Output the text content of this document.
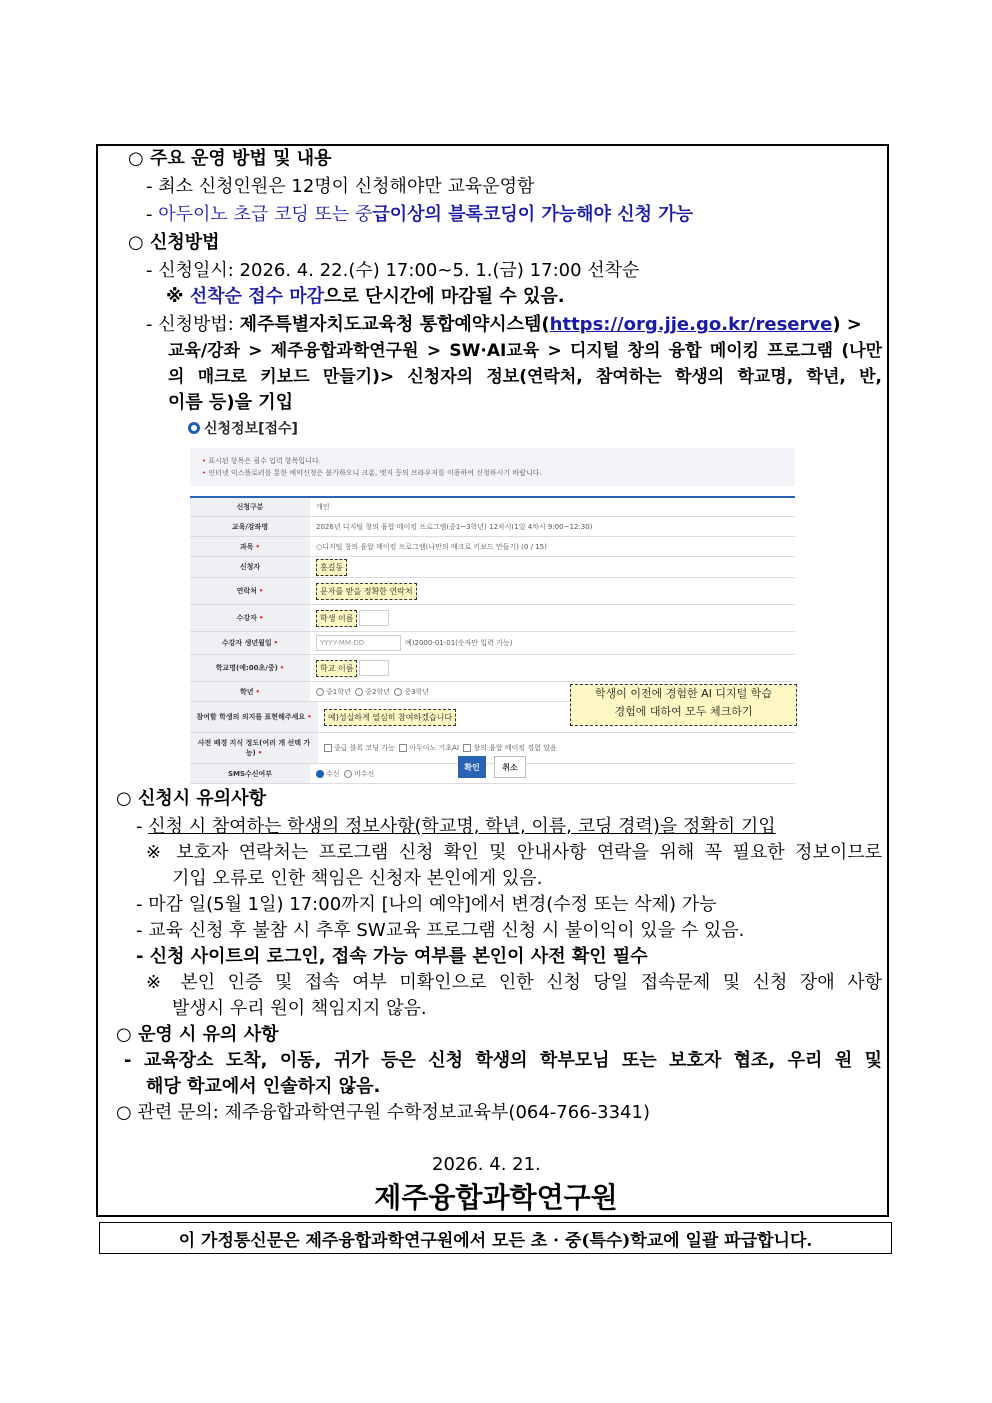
○ 주요 운영 방법 및 내용
- 최소 신청인원은 12명이 신청해야만 교육운영함
- 아두이노 초급 코딩 또는 중급이상의 블록코딩이 가능해야 신청 가능
○ 신청방법
- 신청일시: 2026. 4. 22.(수) 17:00~5. 1.(금) 17:00 선착순
※ 선착순 접수 마감으로 단시간에 마감될 수 있음.
- 신청방법: 제주특별자치도교육청 통합예약시스템(https://org.jje.go.kr/reserve) >
교육/강좌 > 제주융합과학연구원 > SW·AI교육 > 디지털 창의 융합 메이킹 프로그램 (나만
의 매크로 키보드 만들기)> 신청자의 정보(연락처, 참여하는 학생의 학교명, 학년, 반,
이름 등)을 기입
신청정보[접수]
• 표시된 항목은 필수 입력 항목입니다.
• 인터넷 익스플로러를 통한 예약신청은 불가하오니 크롬, 엣지 등의 브라우저를 이용하여 신청하시기 바랍니다.
신청구분	개인
교육/강좌명	2026년 디지털 창의 융합 메이킹 프로그램(중1~3학년) 12차시(1일 4차시 9:00~12:30)
과목 •	○디지털 창의 융합 메이킹 프로그램(나만의 매크로 키보드 만들기) (0 / 15)
신청자	홍길동
연락처 •	문자를 받을 정확한 연락처
수강자 •	학생 이름
수강자 생년월일 •	YYYY-MM-DD	예)2000-01-01(숫자만 입력 가능)
학교명(예:00초/중) •	학교 이름
학년 •	중1학년
	중2학년
	중3학년
참여할 학생의 의지를 표현해주세요 •	예)성실하게 열심히 참여하겠습니다
사전 배경 지식 정도(여러 개 선택 가능) •
중급 블록 코딩 가능
	아두이노 기초AI
	창의 융합 메이킹 경험 있음
SMS수신여부	수신
	미수신
학생이 이전에 경험한 AI 디지털 학습
경험에 대하여 모두 체크하기
확인	취소
○ 신청시 유의사항
- 신청 시 참여하는 학생의 정보사항(학교명, 학년, 이름, 코딩 경력)을 정확히 기입
※ 보호자 연락처는 프로그램 신청 확인 및 안내사항 연락을 위해 꼭 필요한 정보이므로
기입 오류로 인한 책임은 신청자 본인에게 있음.
- 마감 일(5월 1일) 17:00까지 [나의 예약]에서 변경(수정 또는 삭제) 가능
- 교육 신청 후 불참 시 추후 SW교육 프로그램 신청 시 불이익이 있을 수 있음.
- 신청 사이트의 로그인, 접속 가능 여부를 본인이 사전 확인 필수
※ 본인 인증 및 접속 여부 미확인으로 인한 신청 당일 접속문제 및 신청 장애 사항
발생시 우리 원이 책임지지 않음.
○ 운영 시 유의 사항
- 교육장소 도착, 이동, 귀가 등은 신청 학생의 학부모님 또는 보호자 협조, 우리 원 및
해당 학교에서 인솔하지 않음.
○ 관련 문의: 제주융합과학연구원 수학정보교육부(064-766-3341)
2026. 4. 21.
제주융합과학연구원
이 가정통신문은 제주융합과학연구원에서 모든 초 · 중(특수)학교에 일괄 파급합니다.
